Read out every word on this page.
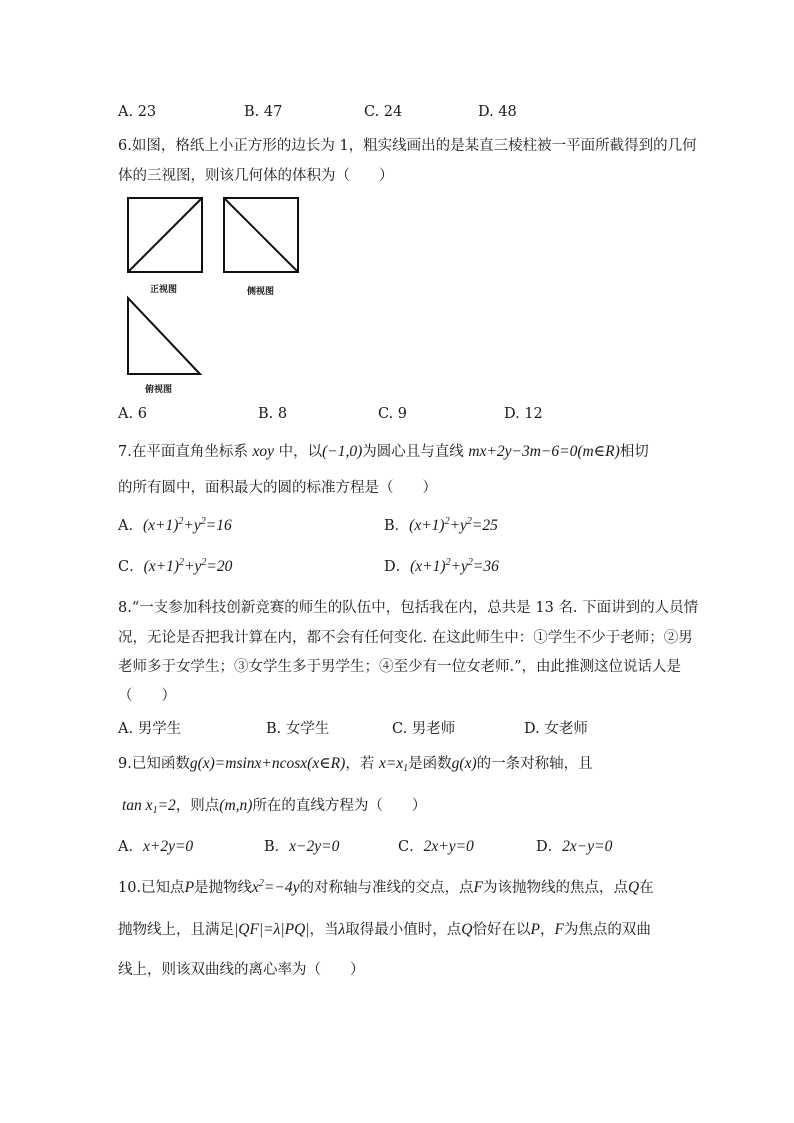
A. 23	B. 47	C. 24	D. 48
6.如图，格纸上小正方形的边长为 1，粗实线画出的是某直三棱柱被一平面所截得到的几何
体的三视图，则该几何体的体积为（　　）
正视图	侧视图
俯视图
A. 6	B. 8	C. 9	D. 12
7.在平面直角坐标系 xoy 中，以(−1,0)为圆心且与直线 mx+2y−3m−6=0(m∈R)相切
的所有圆中，面积最大的圆的标准方程是（　　）
A．$(x+1)^2+y^2=16$	B．$(x+1)^2+y^2=25$
C．$(x+1)^2+y^2=20$	D．$(x+1)^2+y^2=36$
8.“一支参加科技创新竞赛的师生的队伍中，包括我在内，总共是 13 名. 下面讲到的人员情
况，无论是否把我计算在内，都不会有任何变化. 在这此师生中：①学生不少于老师；②男
老师多于女学生；③女学生多于男学生；④至少有一位女老师.”，由此推测这位说话人是
（　　）
A. 男学生	B. 女学生	C. 男老师	D. 女老师
9.已知函数g(x)=msinx+ncosx(x∈R)，若 $x=x_1$是函数g(x)的一条对称轴，且
$\tan x_1=2$，则点(m,n)所在的直线方程为（　　）
A．x+2y=0	B．x−2y=0	C．2x+y=0	D．2x−y=0
10.已知点P是抛物线$x^2=-4y$的对称轴与准线的交点，点F为该抛物线的焦点，点Q在
抛物线上，且满足|QF|=λ|PQ|，当λ取得最小值时，点Q恰好在以P，F为焦点的双曲
线上，则该双曲线的离心率为（　　）
